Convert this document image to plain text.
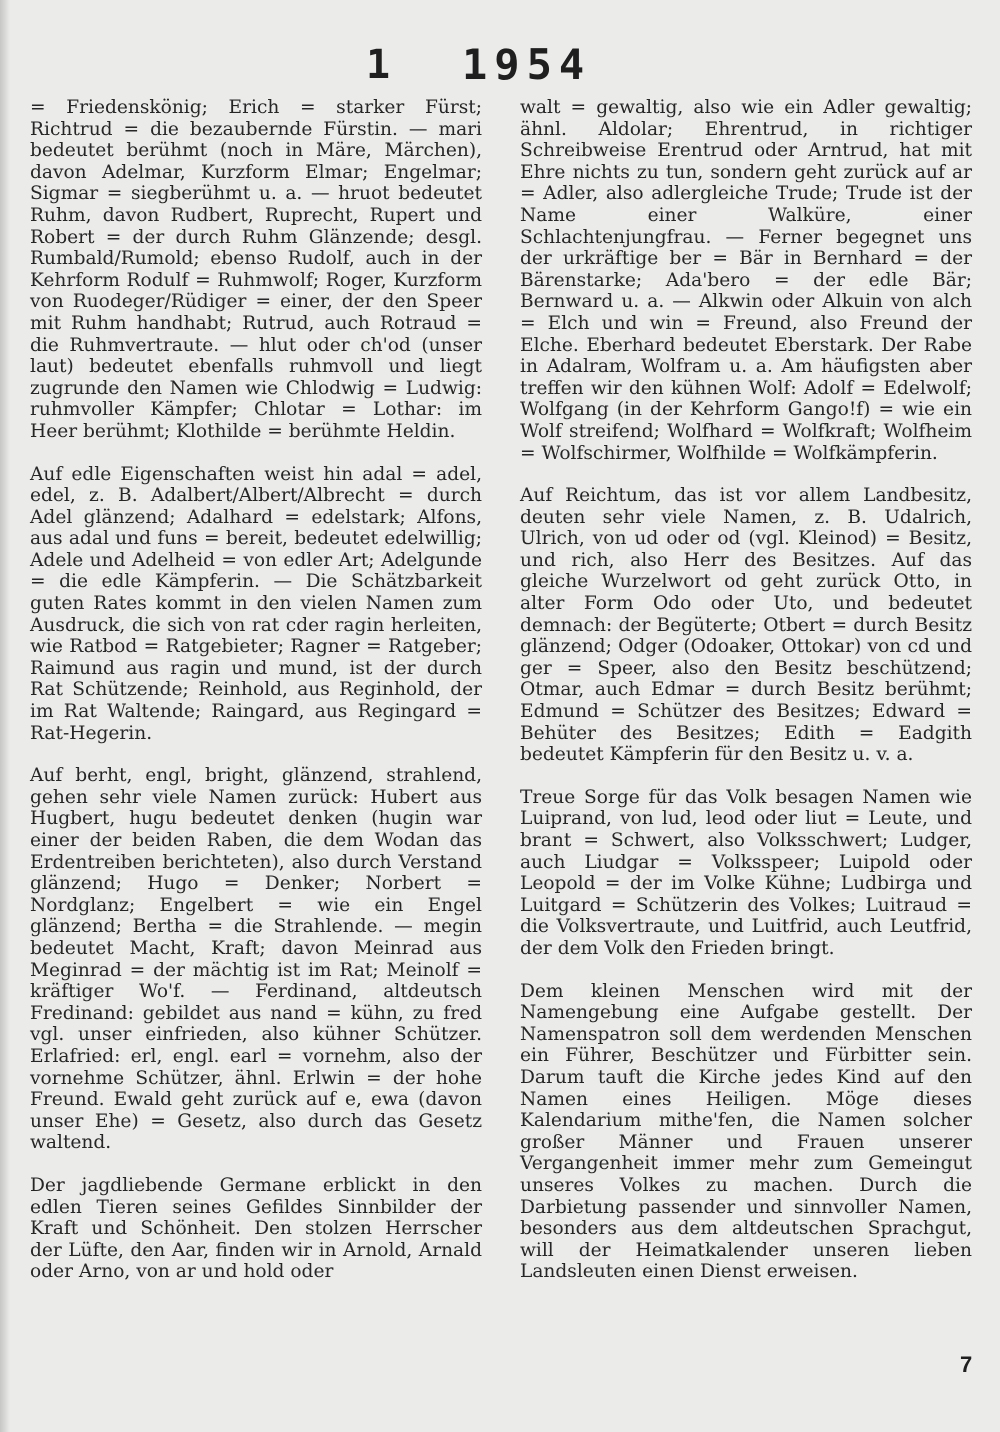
1 1954

= Friedenskönig; Erich = starker Fürst; Richtrud = die bezaubernde Fürstin. — mari bedeutet berühmt (noch in Märe, Märchen), davon Adelmar, Kurzform Elmar; Engelmar; Sigmar = siegberühmt u. a. — hruot bedeutet Ruhm, davon Rudbert, Ruprecht, Rupert und Robert = der durch Ruhm Glänzende; desgl. Rumbald/Rumold; ebenso Rudolf, auch in der Kehrform Rodulf = Ruhmwolf; Roger, Kurzform von Ruodeger/Rüdiger = einer, der den Speer mit Ruhm handhabt; Rutrud, auch Rotraud = die Ruhmvertraute. — hlut oder ch'od (unser laut) bedeutet ebenfalls ruhmvoll und liegt zugrunde den Namen wie Chlodwig = Ludwig: ruhmvoller Kämpfer; Chlotar = Lothar: im Heer berühmt; Klothilde = berühmte Heldin.

Auf edle Eigenschaften weist hin adal = adel, edel, z. B. Adalbert/Albert/Albrecht = durch Adel glänzend; Adalhard = edelstark; Alfons, aus adal und funs = bereit, bedeutet edelwillig; Adele und Adelheid = von edler Art; Adelgunde = die edle Kämpferin. — Die Schätzbarkeit guten Rates kommt in den vielen Namen zum Ausdruck, die sich von rat cder ragin herleiten, wie Ratbod = Ratgebieter; Ragner = Ratgeber; Raimund aus ragin und mund, ist der durch Rat Schützende; Reinhold, aus Reginhold, der im Rat Waltende; Raingard, aus Regingard = Rat-Hegerin.

Auf berht, engl, bright, glänzend, strahlend, gehen sehr viele Namen zurück: Hubert aus Hugbert, hugu bedeutet denken (hugin war einer der beiden Raben, die dem Wodan das Erdentreiben berichteten), also durch Verstand glänzend; Hugo = Denker; Norbert = Nordglanz; Engelbert = wie ein Engel glänzend; Bertha = die Strahlende. — megin bedeutet Macht, Kraft; davon Meinrad aus Meginrad = der mächtig ist im Rat; Meinolf = kräftiger Wo'f. — Ferdinand, altdeutsch Fredinand: gebildet aus nand = kühn, zu fred vgl. unser einfrieden, also kühner Schützer. Erlafried: erl, engl. earl = vornehm, also der vornehme Schützer, ähnl. Erlwin = der hohe Freund. Ewald geht zurück auf e, ewa (davon unser Ehe) = Gesetz, also durch das Gesetz waltend.

Der jagdliebende Germane erblickt in den edlen Tieren seines Gefildes Sinnbilder der Kraft und Schönheit. Den stolzen Herrscher der Lüfte, den Aar, finden wir in Arnold, Arnald oder Arno, von ar und hold oder

walt = gewaltig, also wie ein Adler gewaltig; ähnl. Aldolar; Ehrentrud, in richtiger Schreibweise Erentrud oder Arntrud, hat mit Ehre nichts zu tun, sondern geht zurück auf ar = Adler, also adlergleiche Trude; Trude ist der Name einer Walküre, einer Schlachtenjungfrau. — Ferner begegnet uns der urkräftige ber = Bär in Bernhard = der Bärenstarke; Ada'bero = der edle Bär; Bernward u. a. — Alkwin oder Alkuin von alch = Elch und win = Freund, also Freund der Elche. Eberhard bedeutet Eberstark. Der Rabe in Adalram, Wolfram u. a. Am häufigsten aber treffen wir den kühnen Wolf: Adolf = Edelwolf; Wolfgang (in der Kehrform Gango!f) = wie ein Wolf streifend; Wolfhard = Wolfkraft; Wolfheim = Wolfschirmer, Wolfhilde = Wolfkämpferin.

Auf Reichtum, das ist vor allem Landbesitz, deuten sehr viele Namen, z. B. Udalrich, Ulrich, von ud oder od (vgl. Kleinod) = Besitz, und rich, also Herr des Besitzes. Auf das gleiche Wurzelwort od geht zurück Otto, in alter Form Odo oder Uto, und bedeutet demnach: der Begüterte; Otbert = durch Besitz glänzend; Odger (Odoaker, Ottokar) von cd und ger = Speer, also den Besitz beschützend; Otmar, auch Edmar = durch Besitz berühmt; Edmund = Schützer des Besitzes; Edward = Behüter des Besitzes; Edith = Eadgith bedeutet Kämpferin für den Besitz u. v. a.

Treue Sorge für das Volk besagen Namen wie Luiprand, von lud, leod oder liut = Leute, und brant = Schwert, also Volksschwert; Ludger, auch Liudgar = Volksspeer; Luipold oder Leopold = der im Volke Kühne; Ludbirga und Luitgard = Schützerin des Volkes; Luitraud = die Volksvertraute, und Luitfrid, auch Leutfrid, der dem Volk den Frieden bringt.

Dem kleinen Menschen wird mit der Namengebung eine Aufgabe gestellt. Der Namenspatron soll dem werdenden Menschen ein Führer, Beschützer und Fürbitter sein. Darum tauft die Kirche jedes Kind auf den Namen eines Heiligen. Möge dieses Kalendarium mithe'fen, die Namen solcher großer Männer und Frauen unserer Vergangenheit immer mehr zum Gemeingut unseres Volkes zu machen. Durch die Darbietung passender und sinnvoller Namen, besonders aus dem altdeutschen Sprachgut, will der Heimatkalender unseren lieben Landsleuten einen Dienst erweisen.

7
